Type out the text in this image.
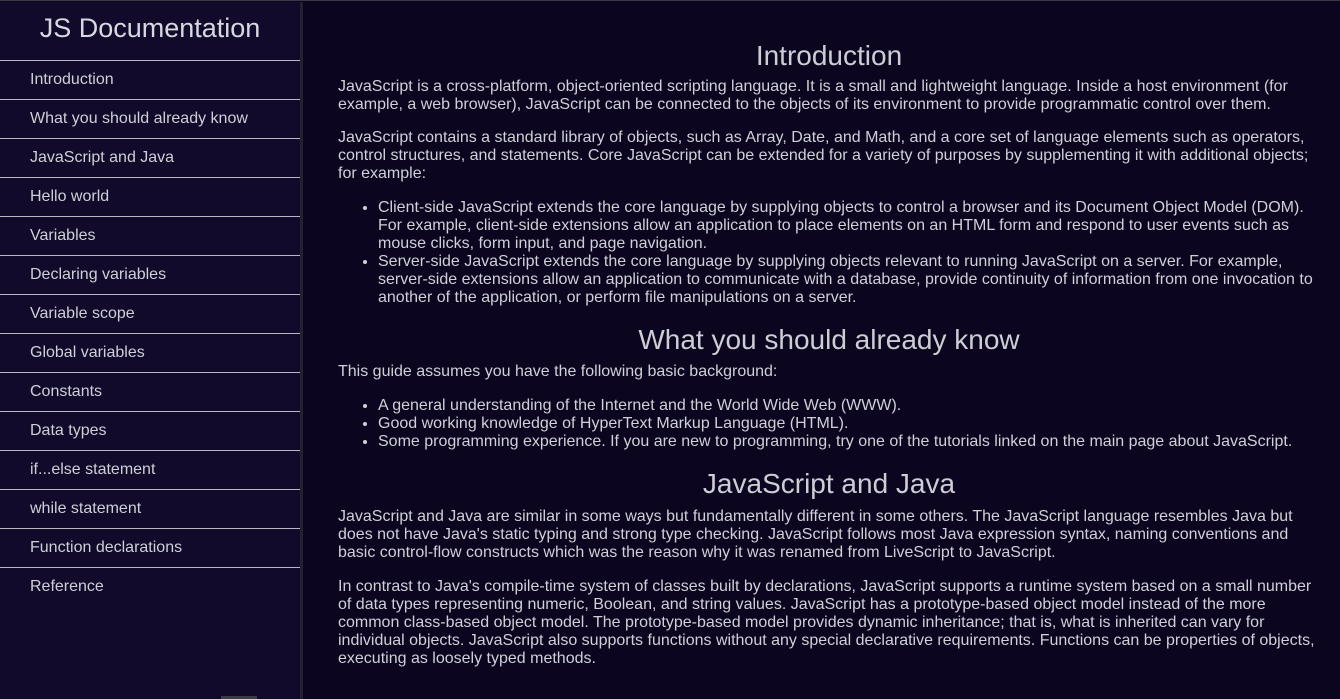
JS Documentation
Introduction
What you should already know
JavaScript and Java
Hello world
Variables
Declaring variables
Variable scope
Global variables
Constants
Data types
if...else statement
while statement
Function declarations
Reference
Introduction

JavaScript is a cross-platform, object-oriented scripting language. It is a small and lightweight language. Inside a host environment (for example, a web browser), JavaScript can be connected to the objects of its environment to provide programmatic control over them.

JavaScript contains a standard library of objects, such as Array, Date, and Math, and a core set of language elements such as operators, control structures, and statements. Core JavaScript can be extended for a variety of purposes by supplementing it with additional objects; for example:

• Client-side JavaScript extends the core language by supplying objects to control a browser and its Document Object Model (DOM). For example, client-side extensions allow an application to place elements on an HTML form and respond to user events such as mouse clicks, form input, and page navigation.
• Server-side JavaScript extends the core language by supplying objects relevant to running JavaScript on a server. For example, server-side extensions allow an application to communicate with a database, provide continuity of information from one invocation to another of the application, or perform file manipulations on a server.
What you should already know

This guide assumes you have the following basic background:

• A general understanding of the Internet and the World Wide Web (WWW).
• Good working knowledge of HyperText Markup Language (HTML).
• Some programming experience. If you are new to programming, try one of the tutorials linked on the main page about JavaScript.
JavaScript and Java

JavaScript and Java are similar in some ways but fundamentally different in some others. The JavaScript language resembles Java but does not have Java's static typing and strong type checking. JavaScript follows most Java expression syntax, naming conventions and basic control-flow constructs which was the reason why it was renamed from LiveScript to JavaScript.

In contrast to Java's compile-time system of classes built by declarations, JavaScript supports a runtime system based on a small number of data types representing numeric, Boolean, and string values. JavaScript has a prototype-based object model instead of the more common class-based object model. The prototype-based model provides dynamic inheritance; that is, what is inherited can vary for individual objects. JavaScript also supports functions without any special declarative requirements. Functions can be properties of objects, executing as loosely typed methods.
